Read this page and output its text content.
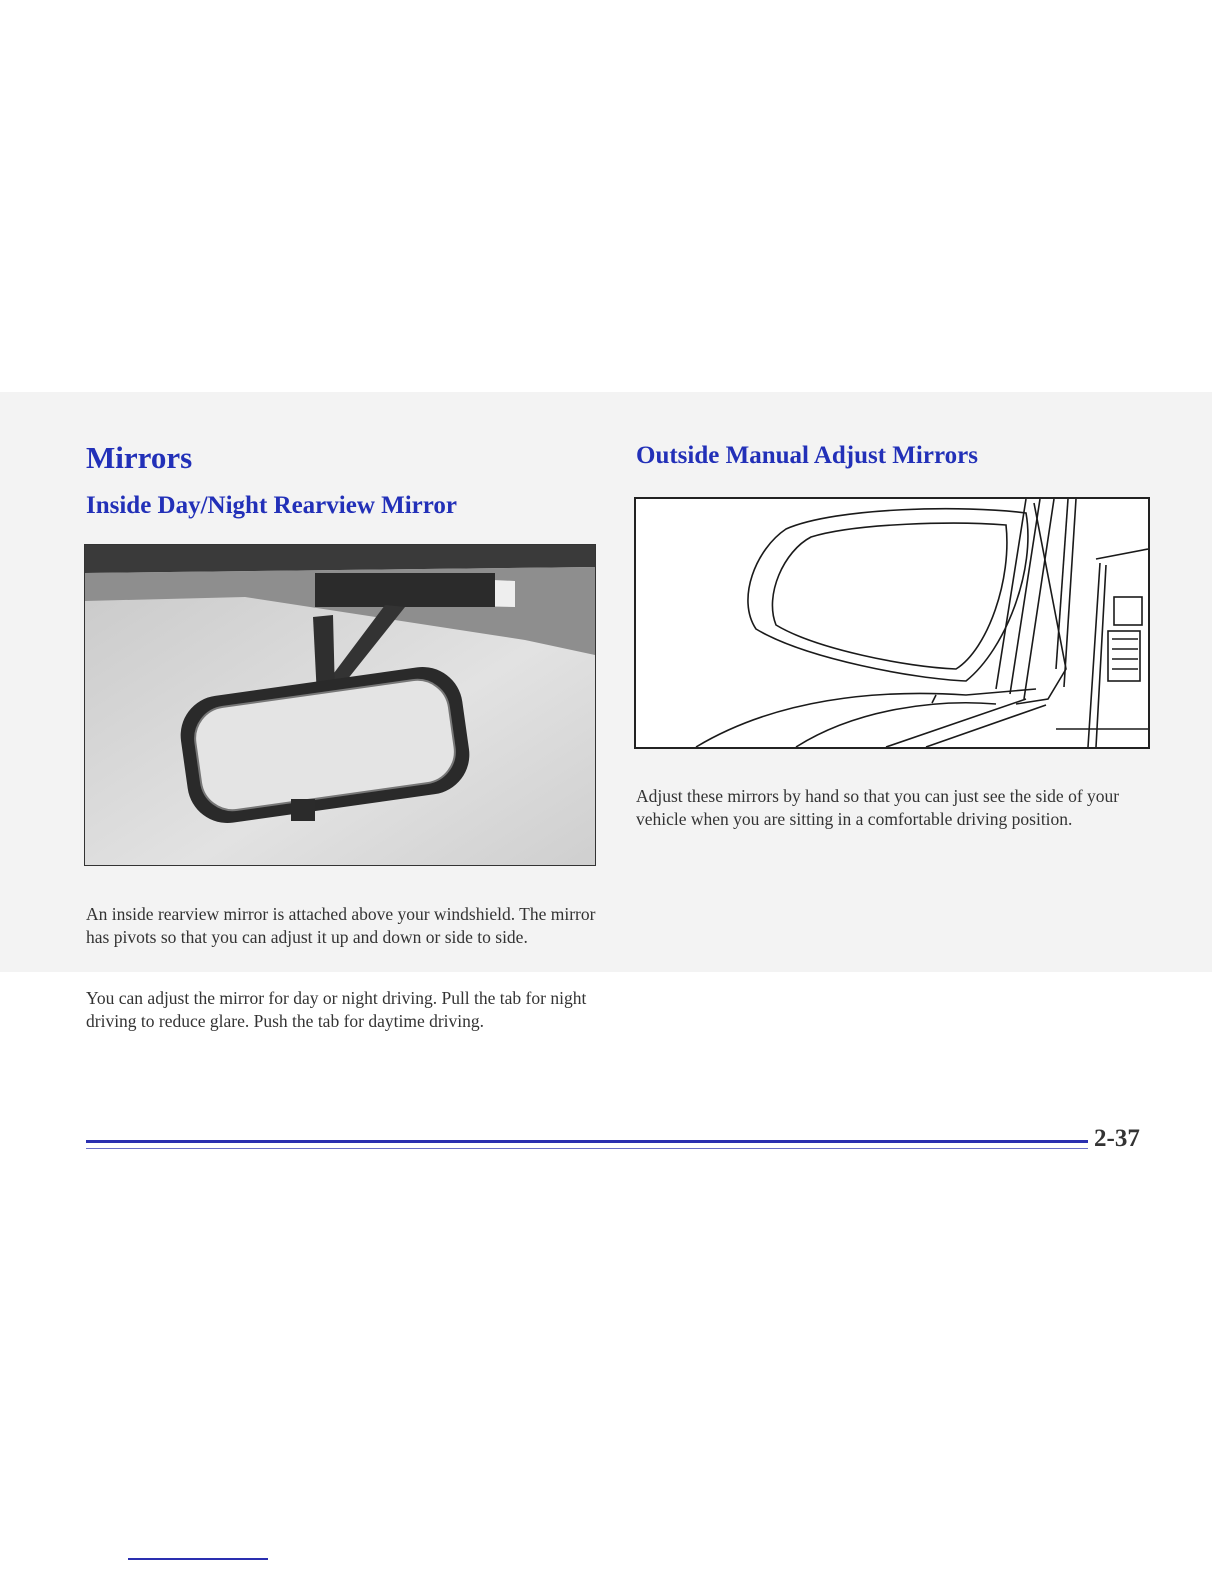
Mirrors
Inside Day/Night Rearview Mirror
Outside Manual Adjust Mirrors

An inside rearview mirror is attached above your windshield. The mirror has pivots so that you can adjust it up and down or side to side.

You can adjust the mirror for day or night driving. Pull the tab for night driving to reduce glare. Push the tab for daytime driving.

Adjust these mirrors by hand so that you can just see the side of your vehicle when you are sitting in a comfortable driving position.

2-37
